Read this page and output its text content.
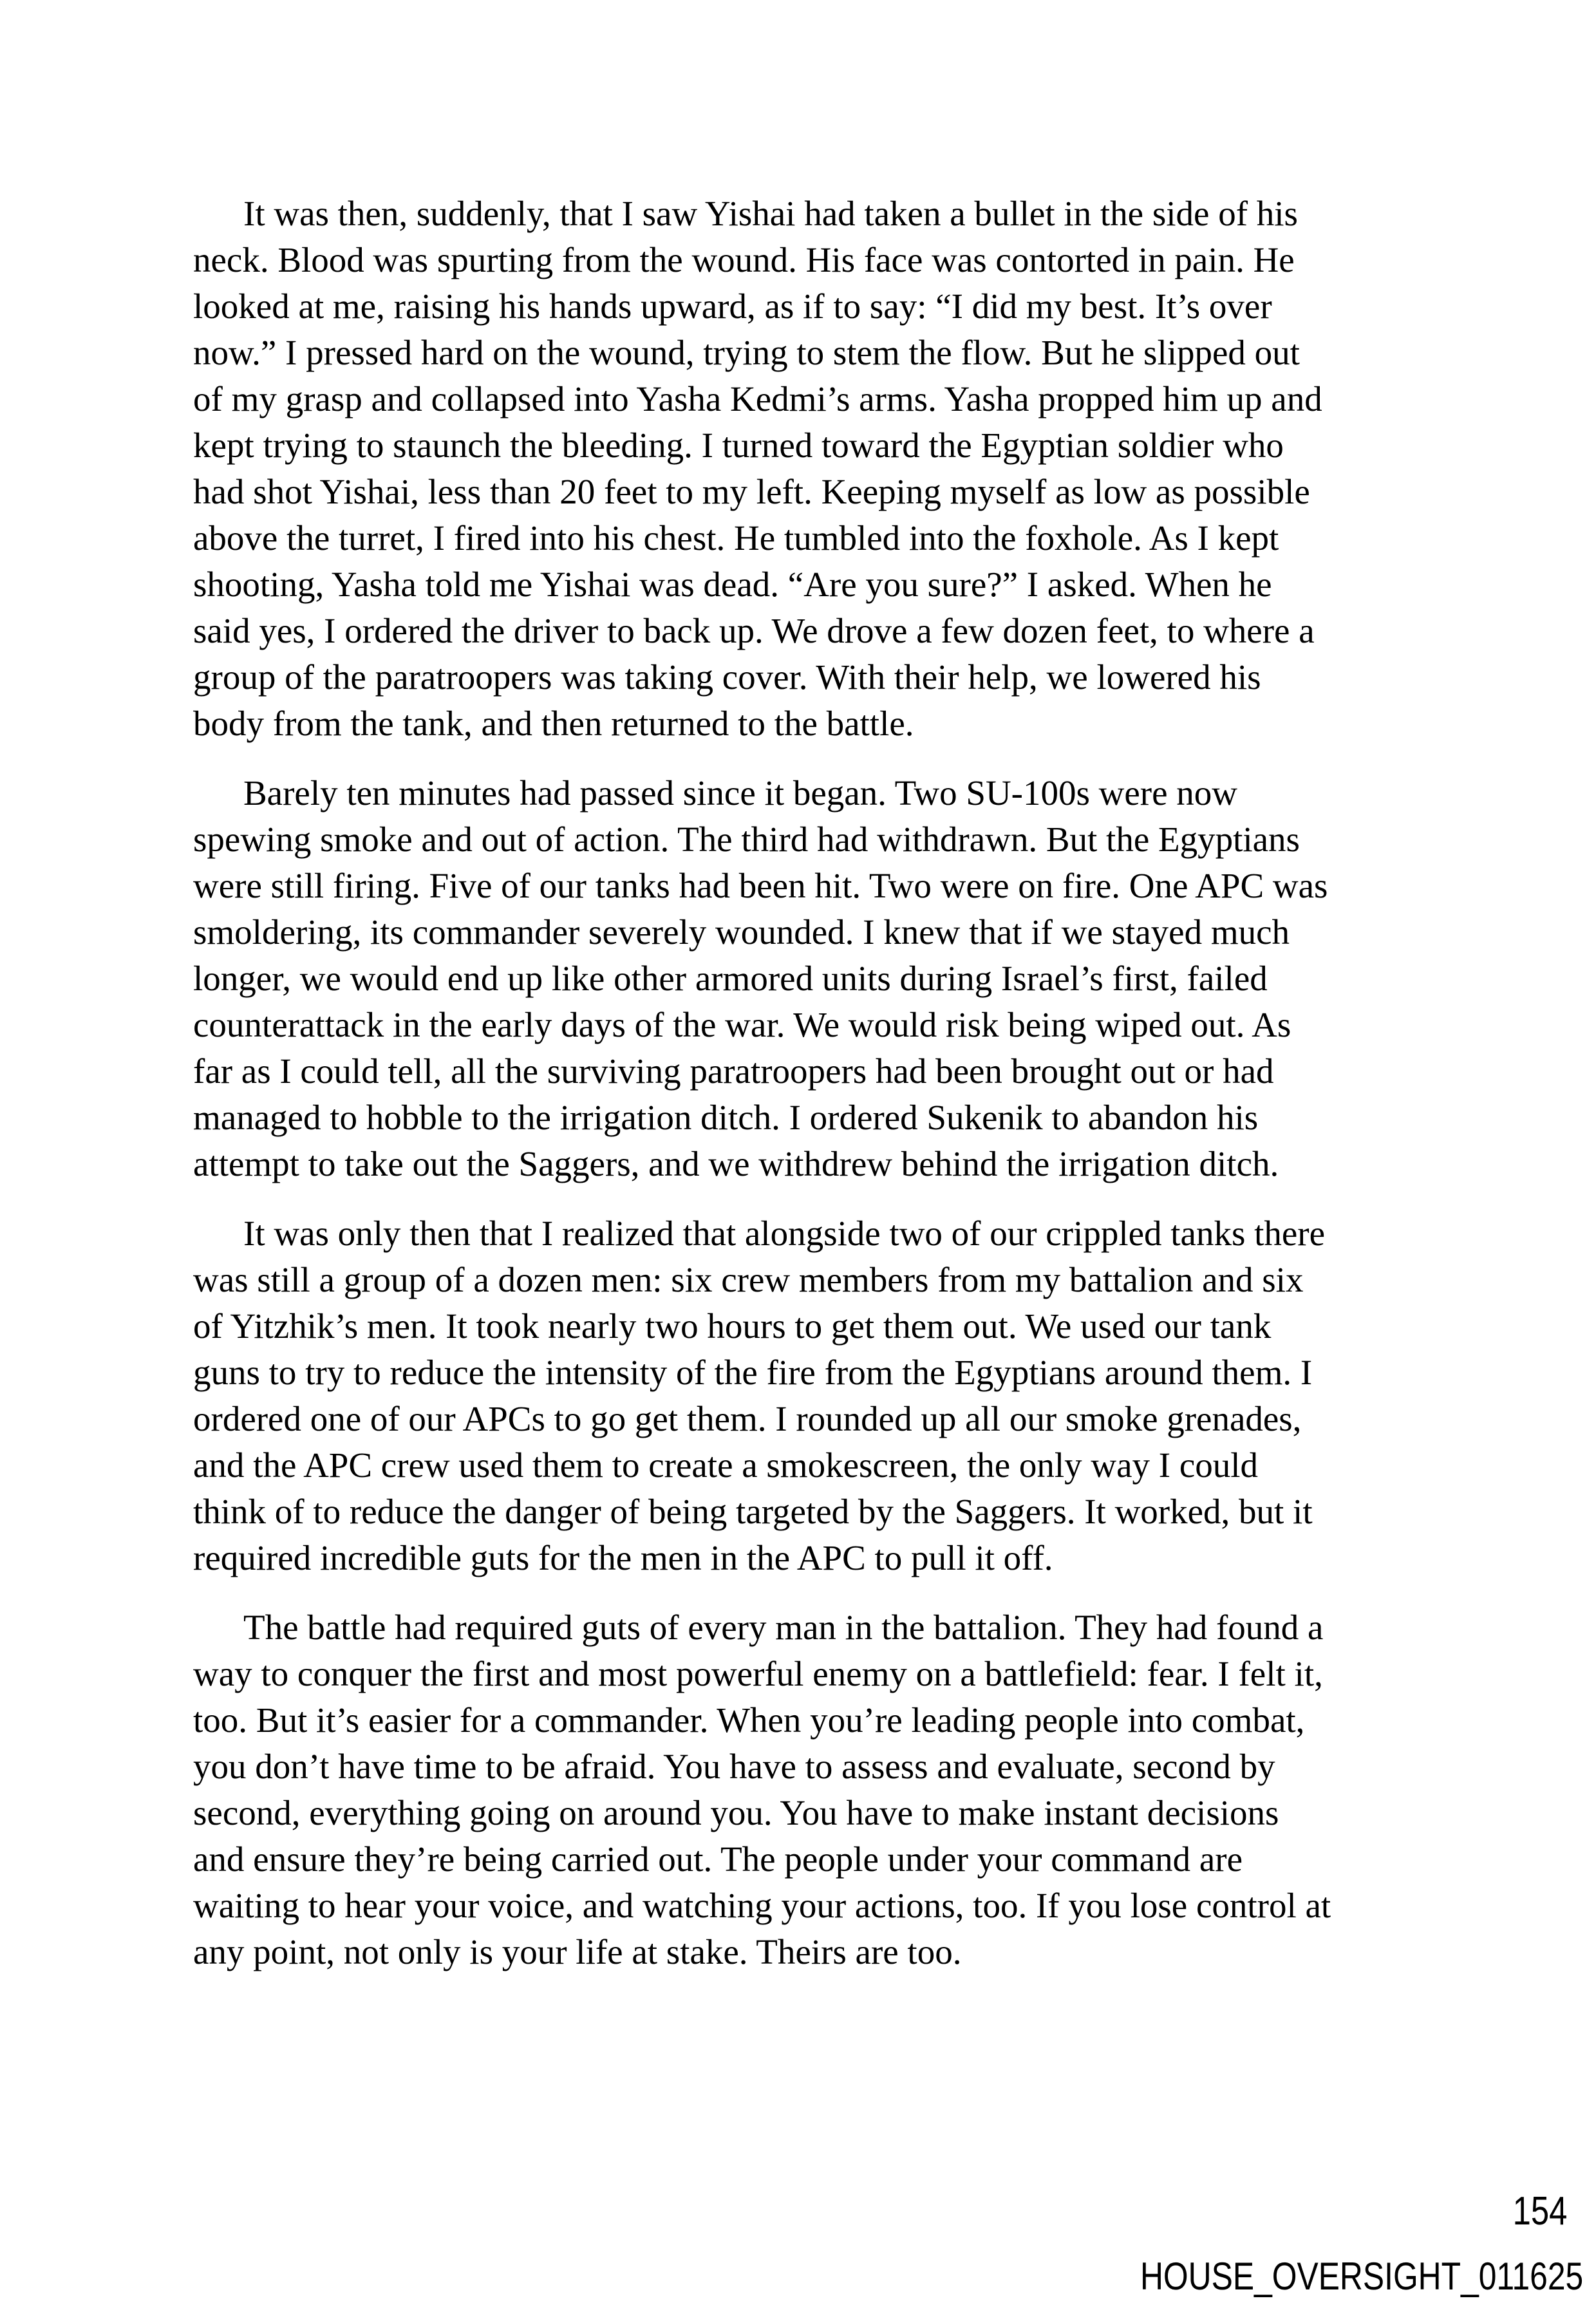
It was then, suddenly, that I saw Yishai had taken a bullet in the side of his
neck. Blood was spurting from the wound. His face was contorted in pain. He
looked at me, raising his hands upward, as if to say: “I did my best. It’s over
now.” I pressed hard on the wound, trying to stem the flow. But he slipped out
of my grasp and collapsed into Yasha Kedmi’s arms. Yasha propped him up and
kept trying to staunch the bleeding. I turned toward the Egyptian soldier who
had shot Yishai, less than 20 feet to my left. Keeping myself as low as possible
above the turret, I fired into his chest. He tumbled into the foxhole. As I kept
shooting, Yasha told me Yishai was dead. “Are you sure?” I asked. When he
said yes, I ordered the driver to back up. We drove a few dozen feet, to where a
group of the paratroopers was taking cover. With their help, we lowered his
body from the tank, and then returned to the battle.
Barely ten minutes had passed since it began. Two SU-100s were now
spewing smoke and out of action. The third had withdrawn. But the Egyptians
were still firing. Five of our tanks had been hit. Two were on fire. One APC was
smoldering, its commander severely wounded. I knew that if we stayed much
longer, we would end up like other armored units during Israel’s first, failed
counterattack in the early days of the war. We would risk being wiped out. As
far as I could tell, all the surviving paratroopers had been brought out or had
managed to hobble to the irrigation ditch. I ordered Sukenik to abandon his
attempt to take out the Saggers, and we withdrew behind the irrigation ditch.
It was only then that I realized that alongside two of our crippled tanks there
was still a group of a dozen men: six crew members from my battalion and six
of Yitzhik’s men. It took nearly two hours to get them out. We used our tank
guns to try to reduce the intensity of the fire from the Egyptians around them. I
ordered one of our APCs to go get them. I rounded up all our smoke grenades,
and the APC crew used them to create a smokescreen, the only way I could
think of to reduce the danger of being targeted by the Saggers. It worked, but it
required incredible guts for the men in the APC to pull it off.
The battle had required guts of every man in the battalion. They had found a
way to conquer the first and most powerful enemy on a battlefield: fear. I felt it,
too. But it’s easier for a commander. When you’re leading people into combat,
you don’t have time to be afraid. You have to assess and evaluate, second by
second, everything going on around you. You have to make instant decisions
and ensure they’re being carried out. The people under your command are
waiting to hear your voice, and watching your actions, too. If you lose control at
any point, not only is your life at stake. Theirs are too.
154
HOUSE_OVERSIGHT_011625
